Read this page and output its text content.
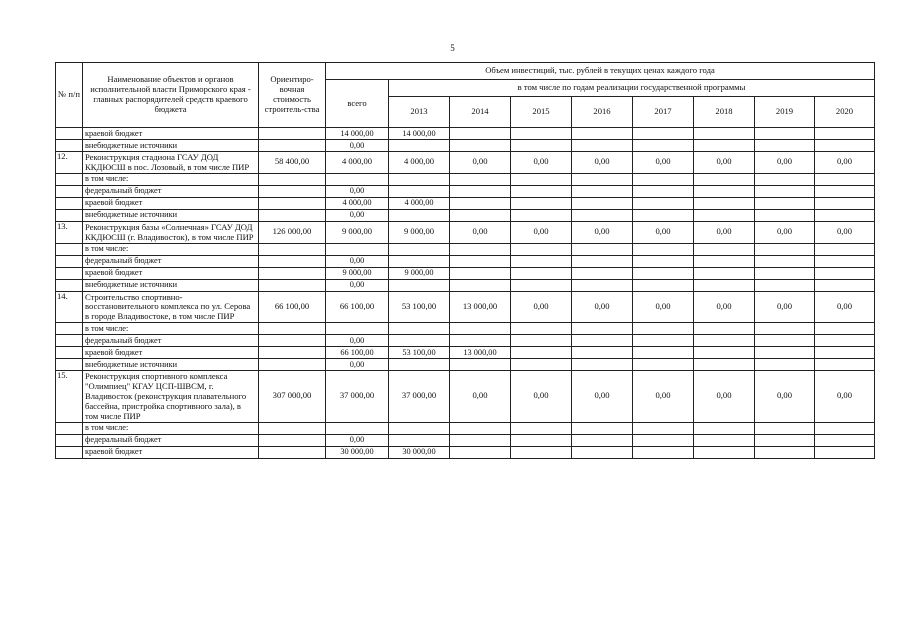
5
№ п/п	Наименование объектов и органов исполнительной власти Приморского края - главных распорядителей средств краевого бюджета	Ориентиро-вочная стоимость строитель-ства	Объем инвестиций, тыс. рублей в текущих ценах каждого года								
			всего	в том числе по годам реализации государственной программы							
				2013	2014	2015	2016	2017	2018	2019	2020
	краевой бюджет		14 000,00	14 000,00							
	внебюджетные источники		0,00								
12.	Реконструкция стадиона ГСАУ ДОД ККДЮСШ в пос. Лозовый, в том числе ПИР	58 400,00	4 000,00	4 000,00	0,00	0,00	0,00	0,00	0,00	0,00	0,00
	в том числе:										
	федеральный бюджет		0,00								
	краевой бюджет		4 000,00	4 000,00							
	внебюджетные источники		0,00								
13.	Реконструкция базы «Солнечная» ГСАУ ДОД ККДЮСШ (г. Владивосток), в том числе ПИР	126 000,00	9 000,00	9 000,00	0,00	0,00	0,00	0,00	0,00	0,00	0,00
	в том числе:										
	федеральный бюджет		0,00								
	краевой бюджет		9 000,00	9 000,00							
	внебюджетные источники		0,00								
14.	Строительство спортивно-восстановительного комплекса по ул. Серова в городе Владивостоке, в том числе ПИР	66 100,00	66 100,00	53 100,00	13 000,00	0,00	0,00	0,00	0,00	0,00	0,00
	в том числе:										
	федеральный бюджет		0,00								
	краевой бюджет		66 100,00	53 100,00	13 000,00						
	внебюджетные источники		0,00								
15.	Реконструкция спортивного комплекса "Олимпиец" КГАУ ЦСП-ШВСМ, г. Владивосток (реконструкция плавательного бассейна, пристройка спортивного зала), в том числе ПИР	307 000,00	37 000,00	37 000,00	0,00	0,00	0,00	0,00	0,00	0,00	0,00
	в том числе:										
	федеральный бюджет		0,00								
	краевой бюджет		30 000,00	30 000,00							
